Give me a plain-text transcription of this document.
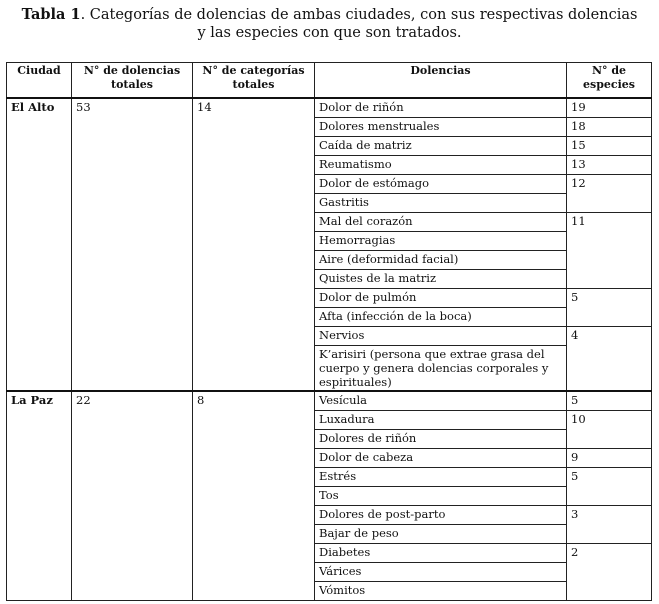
Tabla 1. Categorías de dolencias de ambas ciudades, con sus respectivas dolencias
y las especies con que son tratados.
Ciudad	N° de dolencias totales	N° de categorías totales	Dolencias	N° de especies
El Alto	53	14	Dolor de riñón	19
			Dolores menstruales	18
			Caída de matriz	15
			Reumatismo	13
			Dolor de estómago	12
			Gastritis	
			Mal del corazón	11
			Hemorragias	
			Aire (deformidad facial)	
			Quistes de la matriz	
			Dolor de pulmón	5
			Afta (infección de la boca)	
			Nervios	4
			K’arisiri (persona que extrae grasa del cuerpo y genera dolencias corporales y espirituales)	
La Paz	22	8	Vesícula	5
			Luxadura	10
			Dolores de riñón	
			Dolor de cabeza	9
			Estrés	5
			Tos	
			Dolores de post-parto	3
			Bajar de peso	
			Diabetes	2
			Várices	
			Vómitos	
